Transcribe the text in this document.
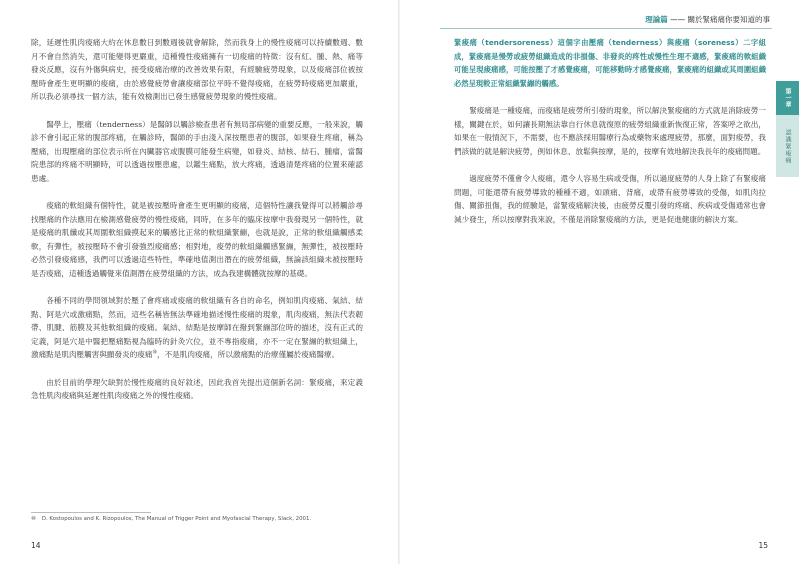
除，延遲性肌肉痠痛大約在休息數日到數週後就會解除，然而我身上的慢性痠痛可以持續數週、數月不會自然消失，還可能變得更嚴重，這種慢性痠痛擁有一切痠痛的特徵：沒有紅、腫、熱、痛等發炎反應，沒有外傷與病史，接受痠痛治療的改善效果有限，有經驗疲勞現象，以及痠痛部位被按壓時會產生更明顯的痠痛，由於感覺疲勞會讓痠痛部位平時不覺得痠痛，在疲勞時痠痛更加嚴重，所以我必須尋找一個方法，能有效檢測出已發生感覺疲勞現象的慢性痠痛。

醫學上，壓痛（tenderness）是醫師以觸診檢查患者有無局部病變的重要反應，一般來說，觸診不會引起正常的腹部疼痛，在觸診時，醫師的手由淺入深按壓患者的腹部，如果發生疼痛，稱為壓痛，出現壓痛的部位表示所在內臟器官或腹膜可能發生病變，如發炎、結核、結石、腫瘤，當醫院患部的疼痛不明顯時，可以透過按壓患處，以鑑生痛點，放大疼痛，透過清楚疼痛的位置來確認患處。

痠痛的軟組織有個特性，就是被按壓時會產生更明顯的痠痛，這個特性讓我覺得可以將觸診尋找壓痛的作法應用在檢測感覺疲勞的慢性痠痛，同時，在多年的臨床按摩中我發現另一個特性，就是痠痛的肌纖或其周圍軟組織摸起來的觸感比正常的軟組織緊繃，也就是說，正常的軟組織觸感柔軟，有彈性，被按壓時不會引發強烈痠痛感；相對地，痠勞的軟組織觸感緊繃，無彈性，被按壓時必然引發痠痛感，我們可以透過這些特性，準確地值測出潛在的疲勞組織，無論該組織未被按壓時是否痠痛，這種透過觸覺來值測潛在疲勞組織的方法，成為我建構體就按摩的基礎。

各種不同的學問領域對於壓了會疼痛或痠痛的軟組織有各自的命名，例如肌肉痠痛、氣結、結點、阿是穴或激痛點，然而，這些名稱皆無法準確地描述慢性痠痛的現象，肌肉痠痛，無法代表韌帶、肌腱、筋膜及其他軟組織的痠痛。氣結、結點是按摩師在撥到緊繃部位時的描述，沒有正式的定義，阿是穴是中醫把壓痛點視為臨時的針灸穴位，並不專指痠痛，亦不一定在緊繃的軟組織上，激痛點是肌肉壓觸害與顫發炎的痠痛⑩，不是肌肉痠痛，所以激痛點的治療僅屬於痠痛醫療。

由於目前的學理欠缺對於慢性痠痛的良好敘述，因此我首先提出這個新名詞：緊痠痛，來定義急性肌肉痠痛與延遲性肌肉痠痛之外的慢性痠痛。

⑩ D. Kostopoulos and K. Rizopoulos, The Manual of Trigger Point and Myofascial Therapy, Slack, 2001.
14
理論篇 —— 關於緊痛痛你要知道的事

緊痠痛（tendersoreness）這個字由壓痛（tenderness）與痠痛（soreness）二字組成，緊痠痛是慢勞或疲勞組織造成的非損傷、非發炎的疼性或慢性生理不適感，緊痠痛的軟組織可能呈現痠痛感，可能按壓了才感覺痠痛，可能移動時才感覺痠痛，緊痠痛的組織或其周圍組織必然呈現較正常組織緊繃的觸感。

緊痠痛是一種痠痛，而痠痛是疲勞所引發的現象，所以解決緊痠痛的方式就是消除疲勞一樣，關鍵在於，如何讓長期無法靠自行休息就復原的疲勞組織重新恢復正常，答案呼之欲出，如果在一般情況下，不需要，也不應該採用醫療行為或藥物來處理疲勞，那麼，面對痠勞，我們該做的就是解決疲勞，例如休息、放鬆與按摩，是的，按摩有效地解決我長年的痠痛問題。

過度疲勞不僅會令人痠痛，還令人容易生病或受傷，所以過度疲勞的人身上除了有緊痠痛問題，可能還帶有疲勞導致的種種不適，如頭痛、背痛，或帶有疲勞導致的受傷，如肌肉拉傷、關節扭傷，我的經驗是，當緊痠痛解決後，由疲勞反覆引發的疼痛、疾病或受傷通常也會減少發生，所以按摩對我來說，不僅是消除緊痠痛的方法，更是促進健康的解決方案。

第一章
認識緊痠痛
15
